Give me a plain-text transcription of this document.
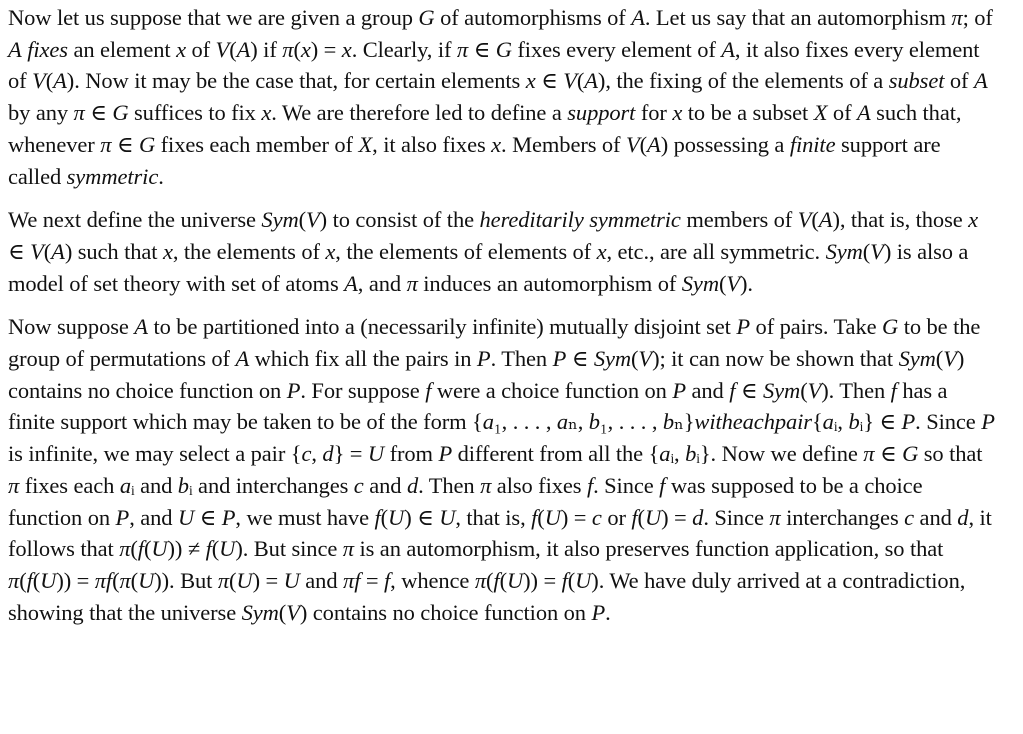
Now let us suppose that we are given a group G of automorphisms of A. Let us say that an automorphism π; of A fixes an element x of V(A) if π(x) = x. Clearly, if π ∈ G fixes every element of A, it also fixes every element of V(A). Now it may be the case that, for certain elements x ∈ V(A), the fixing of the elements of a subset of A by any π ∈ G suffices to fix x. We are therefore led to define a support for x to be a subset X of A such that, whenever π ∈ G fixes each member of X, it also fixes x. Members of V(A) possessing a finite support are called symmetric.

We next define the universe Sym(V) to consist of the hereditarily symmetric members of V(A), that is, those x ∈ V(A) such that x, the elements of x, the elements of elements of x, etc., are all symmetric. Sym(V) is also a model of set theory with set of atoms A, and π induces an automorphism of Sym(V).

Now suppose A to be partitioned into a (necessarily infinite) mutually disjoint set P of pairs. Take G to be the group of permutations of A which fix all the pairs in P. Then P ∈ Sym(V); it can now be shown that Sym(V) contains no choice function on P. For suppose f were a choice function on P and f ∈ Sym(V). Then f has a finite support which may be taken to be of the form {a₁, . . . , aₙ, b₁, . . . , bₙ}witheachpair{aᵢ, bᵢ} ∈ P. Since P is infinite, we may select a pair {c, d} = U from P different from all the {aᵢ, bᵢ}. Now we define π ∈ G so that π fixes each aᵢ and bᵢ and interchanges c and d. Then π also fixes f. Since f was supposed to be a choice function on P, and U ∈ P, we must have f(U) ∈ U, that is, f(U) = c or f(U) = d. Since π interchanges c and d, it follows that π(f(U)) ≠ f(U). But since π is an automorphism, it also preserves function application, so that π(f(U)) = πf(π(U)). But π(U) = U and πf = f, whence π(f(U)) = f(U). We have duly arrived at a contradiction, showing that the universe Sym(V) contains no choice function on P.
